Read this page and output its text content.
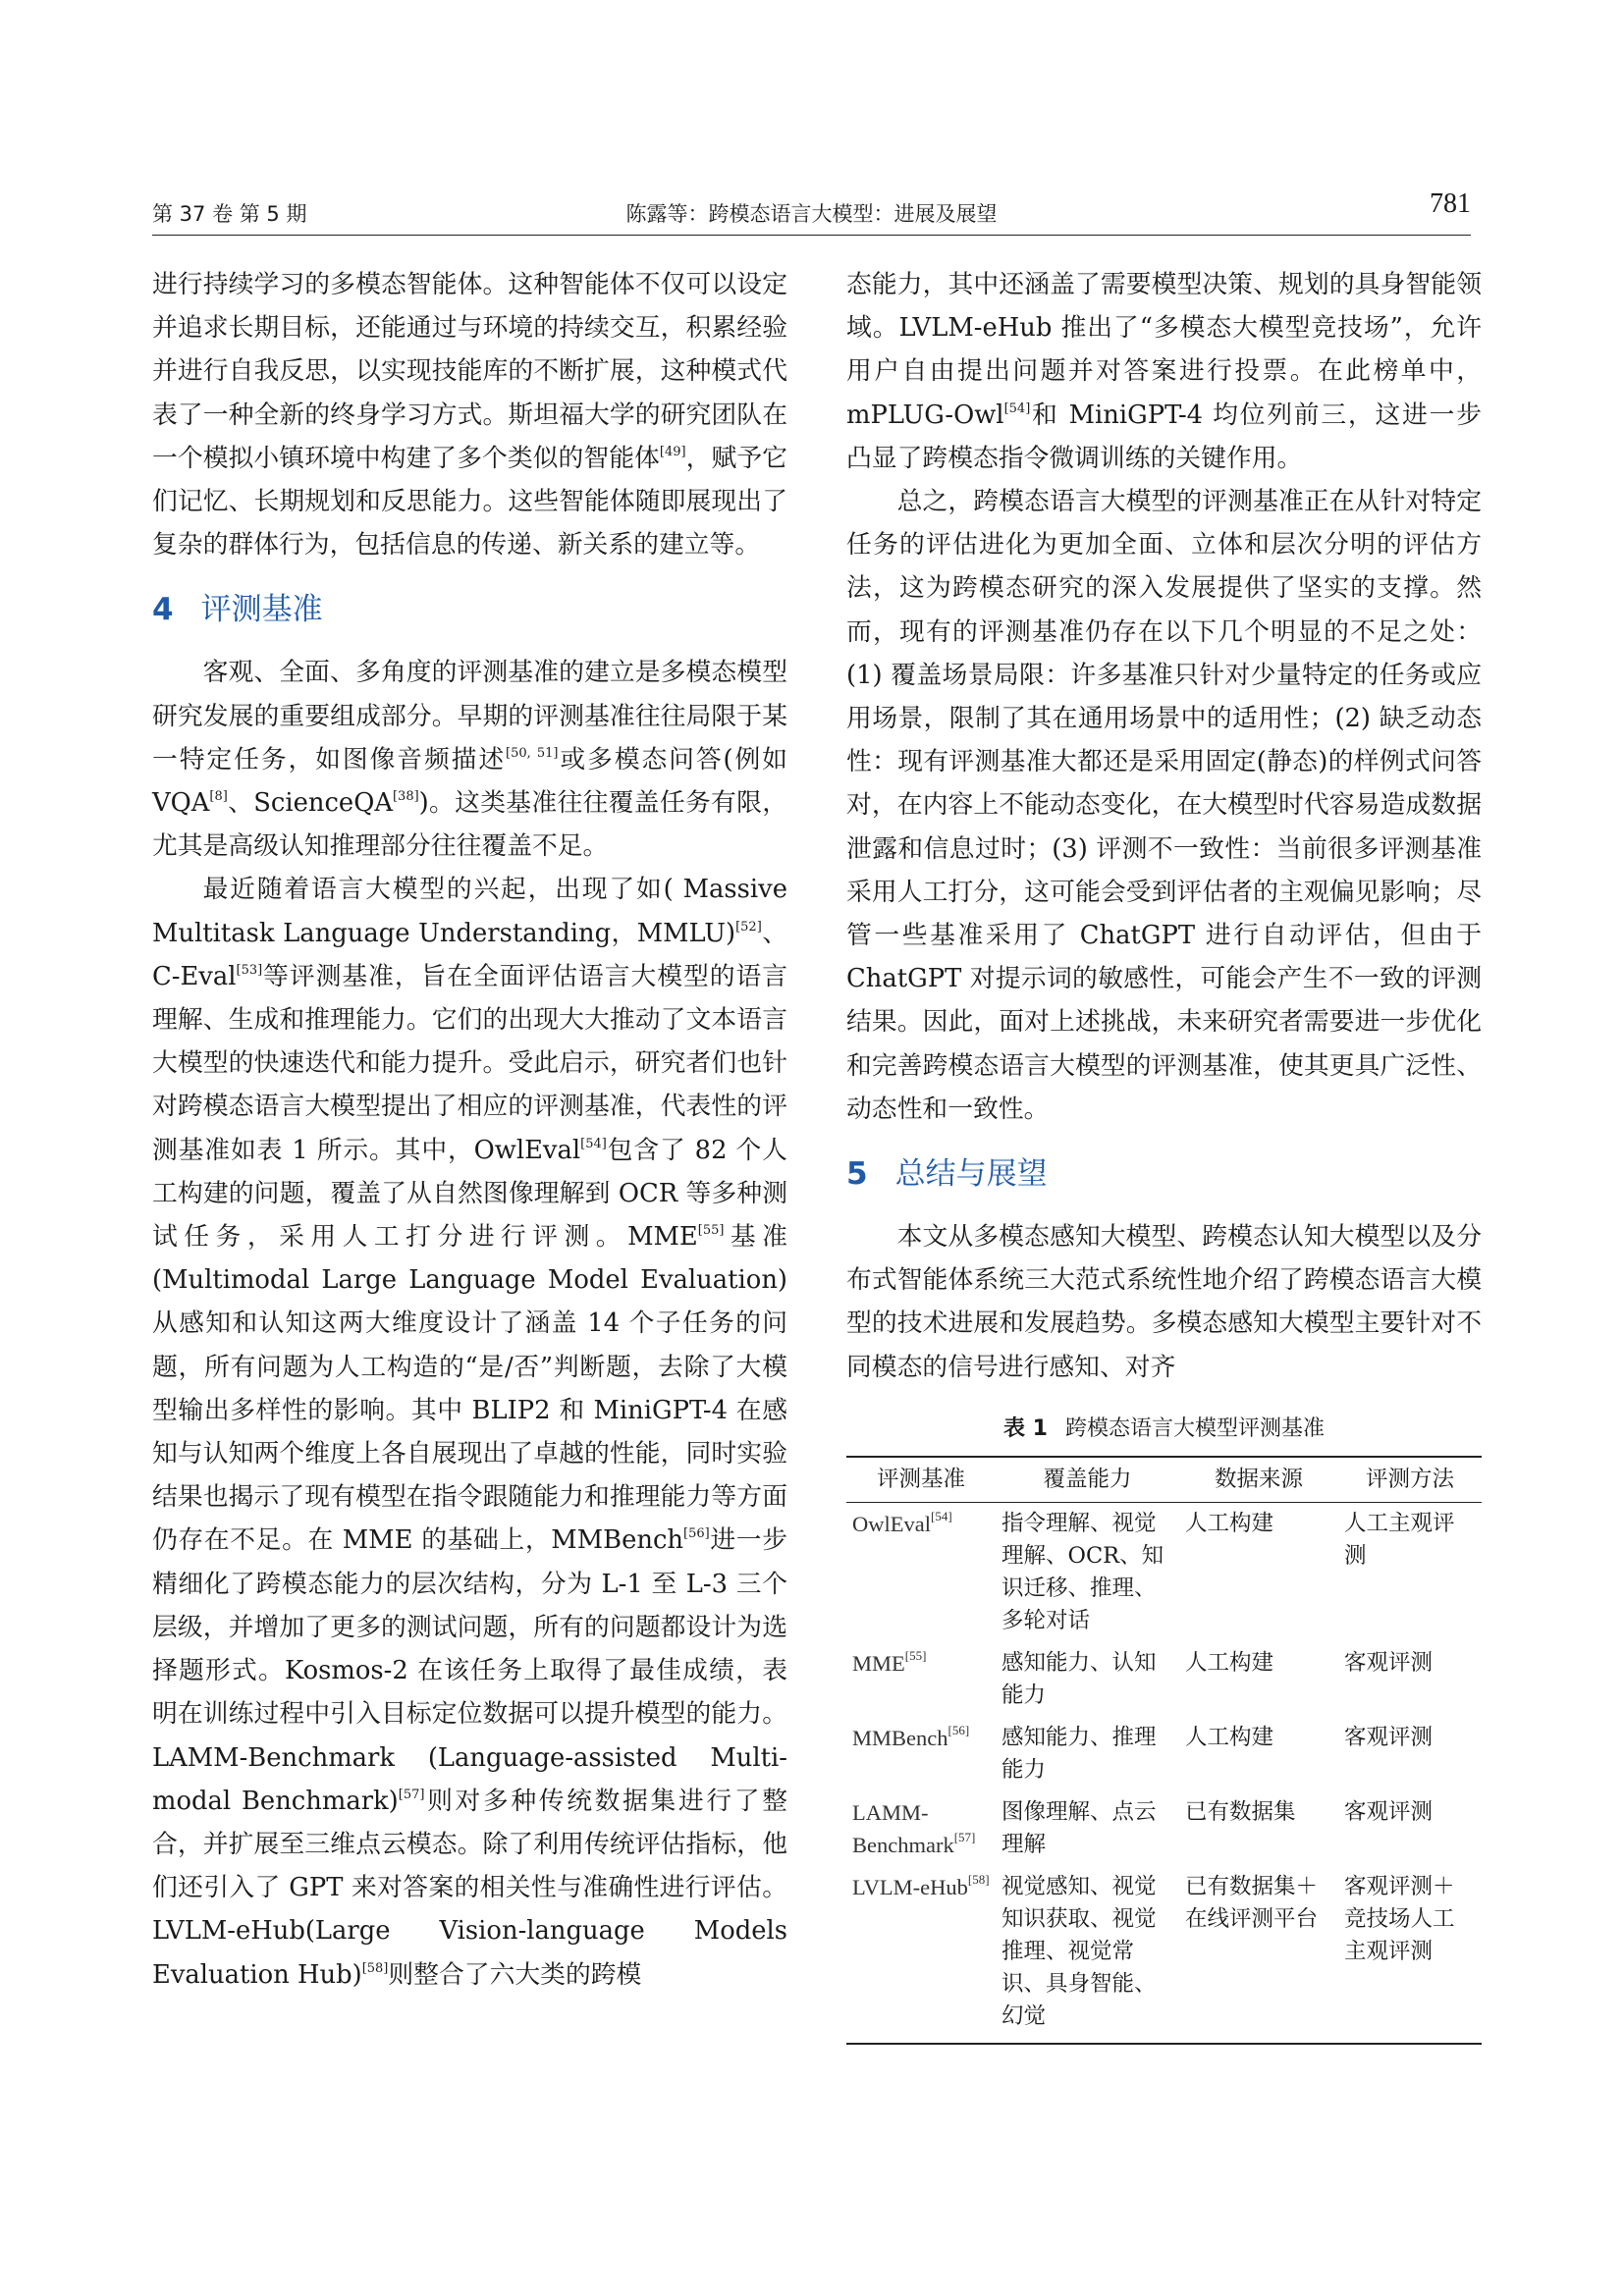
第 37 卷 第 5 期	陈露等：跨模态语言大模型：进展及展望	781

进行持续学习的多模态智能体。这种智能体不仅可以设定并追求长期目标，还能通过与环境的持续交互，积累经验并进行自我反思，以实现技能库的不断扩展，这种模式代表了一种全新的终身学习方式。斯坦福大学的研究团队在一个模拟小镇环境中构建了多个类似的智能体[49]，赋予它们记忆、长期规划和反思能力。这些智能体随即展现出了复杂的群体行为，包括信息的传递、新关系的建立等。

4 评测基准

客观、全面、多角度的评测基准的建立是多模态模型研究发展的重要组成部分。早期的评测基准往往局限于某一特定任务，如图像音频描述[50, 51]或多模态问答(例如 VQA[8]、ScienceQA[38])。这类基准往往覆盖任务有限，尤其是高级认知推理部分往往覆盖不足。

最近随着语言大模型的兴起，出现了如( Massive Multitask Language Understanding，MMLU)[52]、C-Eval[53]等评测基准，旨在全面评估语言大模型的语言理解、生成和推理能力。它们的出现大大推动了文本语言大模型的快速迭代和能力提升。受此启示，研究者们也针对跨模态语言大模型提出了相应的评测基准，代表性的评测基准如表 1 所示。其中，OwlEval[54]包含了 82 个人工构建的问题，覆盖了从自然图像理解到 OCR 等多种测试任务，采用人工打分进行评测。MME[55]基准(Multimodal Large Language Model Evaluation)从感知和认知这两大维度设计了涵盖 14 个子任务的问题，所有问题为人工构造的“是/否”判断题，去除了大模型输出多样性的影响。其中 BLIP2 和 MiniGPT-4 在感知与认知两个维度上各自展现出了卓越的性能，同时实验结果也揭示了现有模型在指令跟随能力和推理能力等方面仍存在不足。在 MME 的基础上，MMBench[56]进一步精细化了跨模态能力的层次结构，分为 L-1 至 L-3 三个层级，并增加了更多的测试问题，所有的问题都设计为选择题形式。Kosmos-2 在该任务上取得了最佳成绩，表明在训练过程中引入目标定位数据可以提升模型的能力。LAMM-Benchmark (Language-assisted Multi-modal Benchmark)[57]则对多种传统数据集进行了整合，并扩展至三维点云模态。除了利用传统评估指标，他们还引入了 GPT 来对答案的相关性与准确性进行评估。LVLM-eHub(Large Vision-language Models Evaluation Hub)[58]则整合了六大类的跨模

态能力，其中还涵盖了需要模型决策、规划的具身智能领域。LVLM-eHub 推出了“多模态大模型竞技场”，允许用户自由提出问题并对答案进行投票。在此榜单中，mPLUG-Owl[54]和 MiniGPT-4 均位列前三，这进一步凸显了跨模态指令微调训练的关键作用。

总之，跨模态语言大模型的评测基准正在从针对特定任务的评估进化为更加全面、立体和层次分明的评估方法，这为跨模态研究的深入发展提供了坚实的支撑。然而，现有的评测基准仍存在以下几个明显的不足之处：(1) 覆盖场景局限：许多基准只针对少量特定的任务或应用场景，限制了其在通用场景中的适用性；(2) 缺乏动态性：现有评测基准大都还是采用固定(静态)的样例式问答对，在内容上不能动态变化，在大模型时代容易造成数据泄露和信息过时；(3) 评测不一致性：当前很多评测基准采用人工打分，这可能会受到评估者的主观偏见影响；尽管一些基准采用了 ChatGPT 进行自动评估，但由于 ChatGPT 对提示词的敏感性，可能会产生不一致的评测结果。因此，面对上述挑战，未来研究者需要进一步优化和完善跨模态语言大模型的评测基准，使其更具广泛性、动态性和一致性。

5 总结与展望

本文从多模态感知大模型、跨模态认知大模型以及分布式智能体系统三大范式系统性地介绍了跨模态语言大模型的技术进展和发展趋势。多模态感知大模型主要针对不同模态的信号进行感知、对齐

表 1 跨模态语言大模型评测基准
评测基准	覆盖能力	数据来源	评测方法
OwlEval[54]	指令理解、视觉理解、OCR、知识迁移、推理、多轮对话	人工构建	人工主观评测
MME[55]	感知能力、认知能力	人工构建	客观评测
MMBench[56]	感知能力、推理能力	人工构建	客观评测
LAMM-Benchmark[57]	图像理解、点云理解	已有数据集	客观评测
LVLM-eHub[58]	视觉感知、视觉知识获取、视觉推理、视觉常识、具身智能、幻觉	已有数据集＋在线评测平台	客观评测＋竞技场人工主观评测
